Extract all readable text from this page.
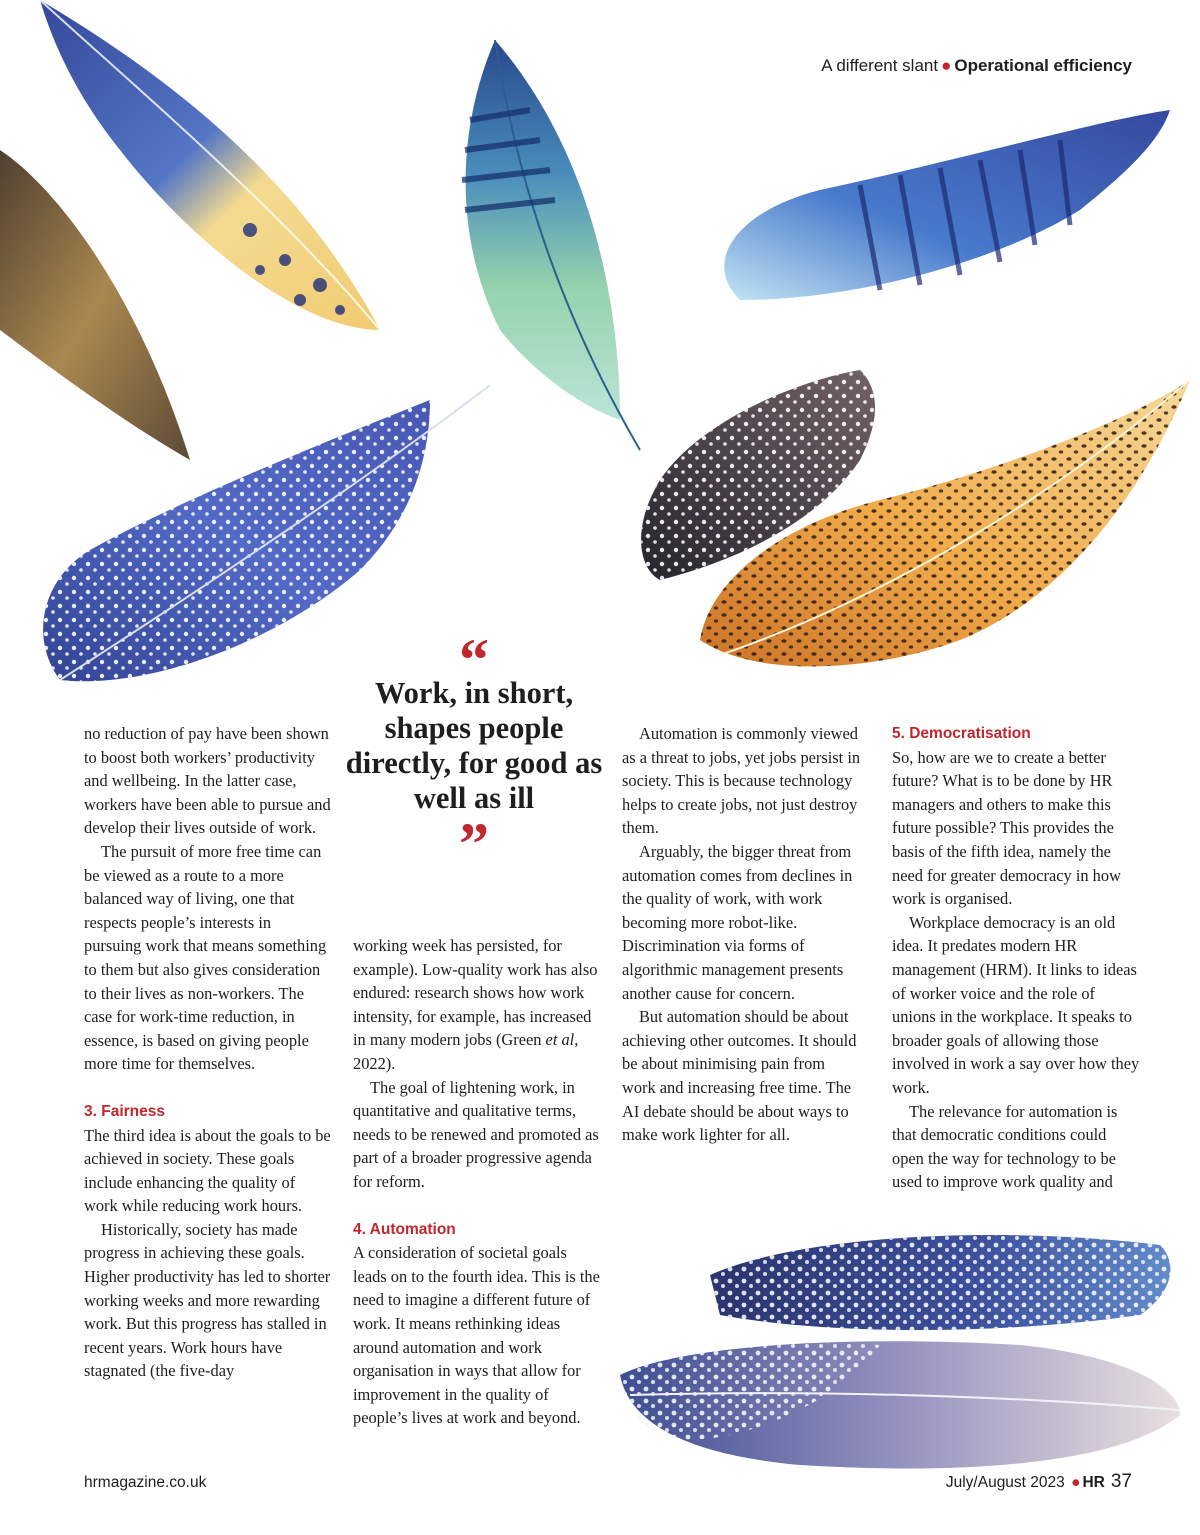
A different slant ● Operational efficiency
“
Work, in short, shapes people directly, for good as well as ill
”

no reduction of pay have been shown to boost both workers’ productivity and wellbeing. In the latter case, workers have been able to pursue and develop their lives outside of work.

The pursuit of more free time can be viewed as a route to a more balanced way of living, one that respects people’s interests in pursuing work that means something to them but also gives consideration to their lives as non-workers. The case for work-time reduction, in essence, is based on giving people more time for themselves.

3. Fairness

The third idea is about the goals to be achieved in society. These goals include enhancing the quality of work while reducing work hours.

Historically, society has made progress in achieving these goals. Higher productivity has led to shorter working weeks and more rewarding work. But this progress has stalled in recent years. Work hours have stagnated (the five-day

working week has persisted, for example). Low-quality work has also endured: research shows how work intensity, for example, has increased in many modern jobs (Green et al, 2022).

The goal of lightening work, in quantitative and qualitative terms, needs to be renewed and promoted as part of a broader progressive agenda for reform.

4. Automation

A consideration of societal goals leads on to the fourth idea. This is the need to imagine a different future of work. It means rethinking ideas around automation and work organisation in ways that allow for improvement in the quality of people’s lives at work and beyond.

Automation is commonly viewed as a threat to jobs, yet jobs persist in society. This is because technology helps to create jobs, not just destroy them.

Arguably, the bigger threat from automation comes from declines in the quality of work, with work becoming more robot-like. Discrimination via forms of algorithmic management presents another cause for concern.

But automation should be about achieving other outcomes. It should be about minimising pain from work and increasing free time. The AI debate should be about ways to make work lighter for all.

5. Democratisation

So, how are we to create a better future? What is to be done by HR managers and others to make this future possible? This provides the basis of the fifth idea, namely the need for greater democracy in how work is organised.

Workplace democracy is an old idea. It predates modern HR management (HRM). It links to ideas of worker voice and the role of unions in the workplace. It speaks to broader goals of allowing those involved in work a say over how they work.

The relevance for automation is that democratic conditions could open the way for technology to be used to improve work quality and

hrmagazine.co.uk	July/August 2023 ● HR 37
